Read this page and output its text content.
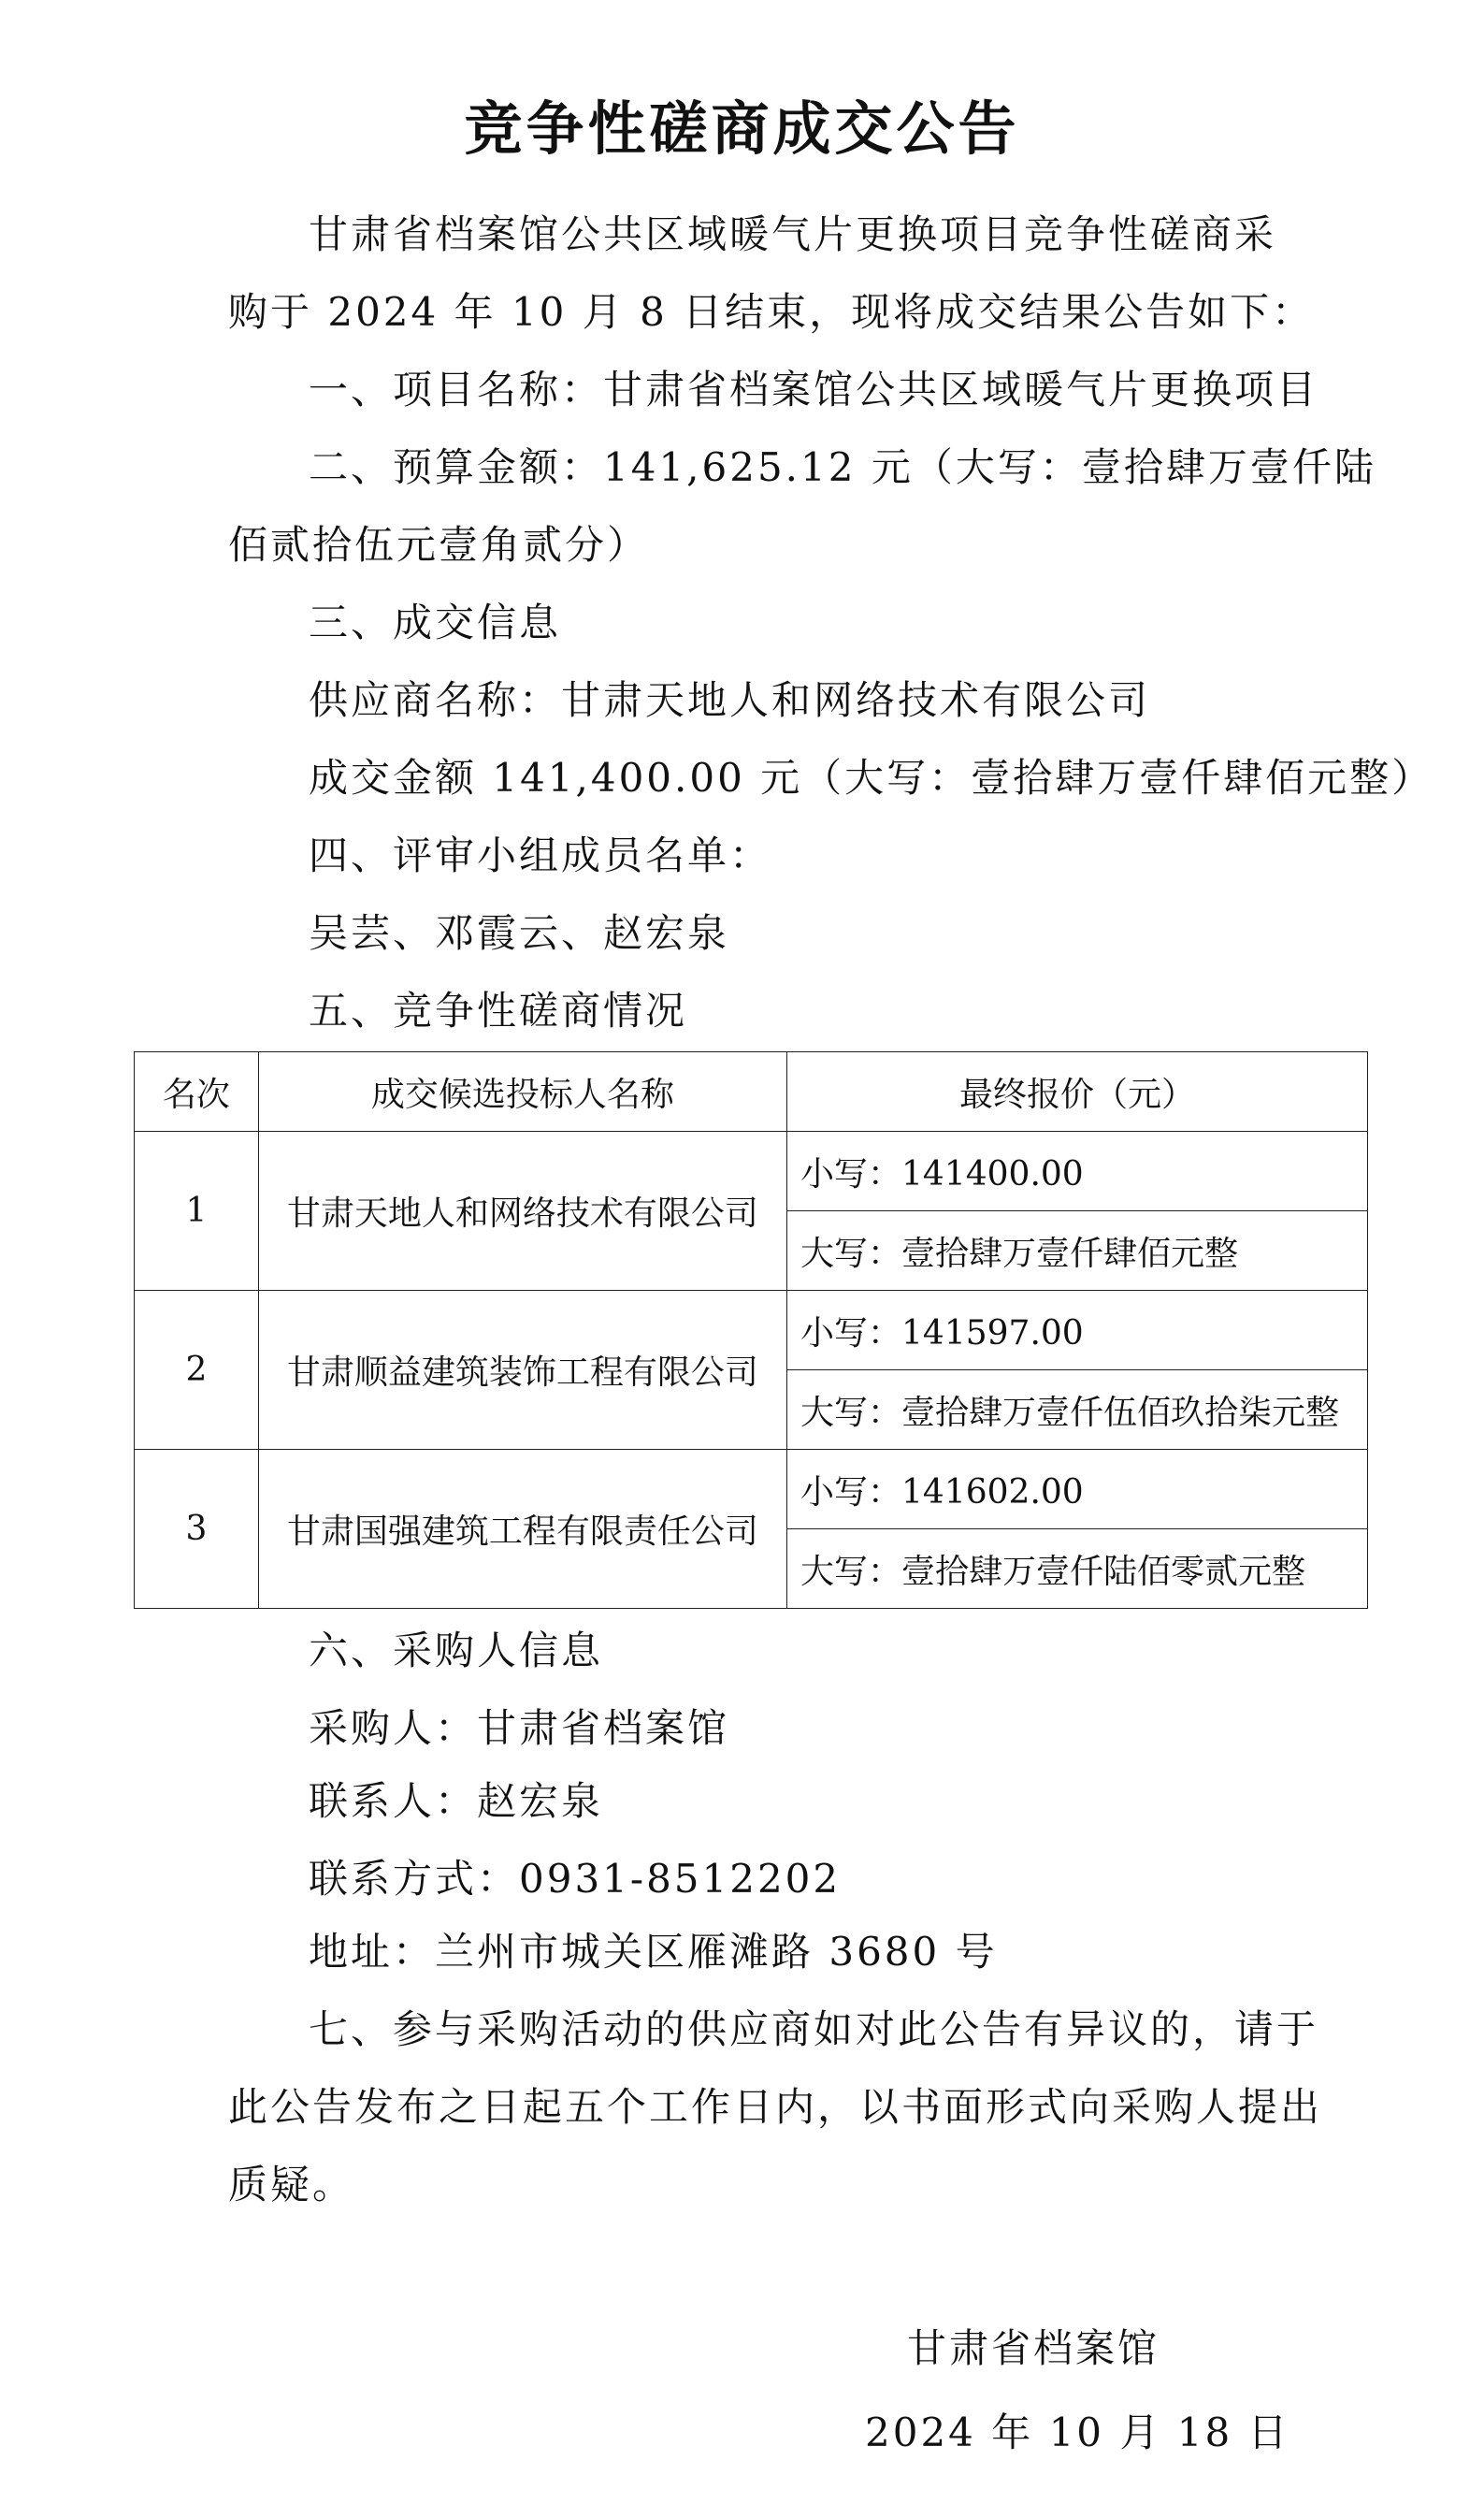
竞争性磋商成交公告
甘肃省档案馆公共区域暖气片更换项目竞争性磋商采
购于 2024 年 10 月 8 日结束，现将成交结果公告如下：
一、项目名称：甘肃省档案馆公共区域暖气片更换项目
二、预算金额：141,625.12 元（大写：壹拾肆万壹仟陆
佰贰拾伍元壹角贰分）
三、成交信息
供应商名称：甘肃天地人和网络技术有限公司
成交金额 141,400.00 元（大写：壹拾肆万壹仟肆佰元整）
四、评审小组成员名单：
吴芸、邓霞云、赵宏泉
五、竞争性磋商情况
名次	成交候选投标人名称	最终报价（元）
1	甘肃天地人和网络技术有限公司	小写：141400.00
		大写：壹拾肆万壹仟肆佰元整
2	甘肃顺益建筑装饰工程有限公司	小写：141597.00
		大写：壹拾肆万壹仟伍佰玖拾柒元整
3	甘肃国强建筑工程有限责任公司	小写：141602.00
		大写：壹拾肆万壹仟陆佰零贰元整
六、采购人信息
采购人：甘肃省档案馆
联系人：赵宏泉
联系方式：0931-8512202
地址：兰州市城关区雁滩路 3680 号
七、参与采购活动的供应商如对此公告有异议的，请于
此公告发布之日起五个工作日内，以书面形式向采购人提出
质疑。
甘肃省档案馆
2024 年 10 月 18 日
